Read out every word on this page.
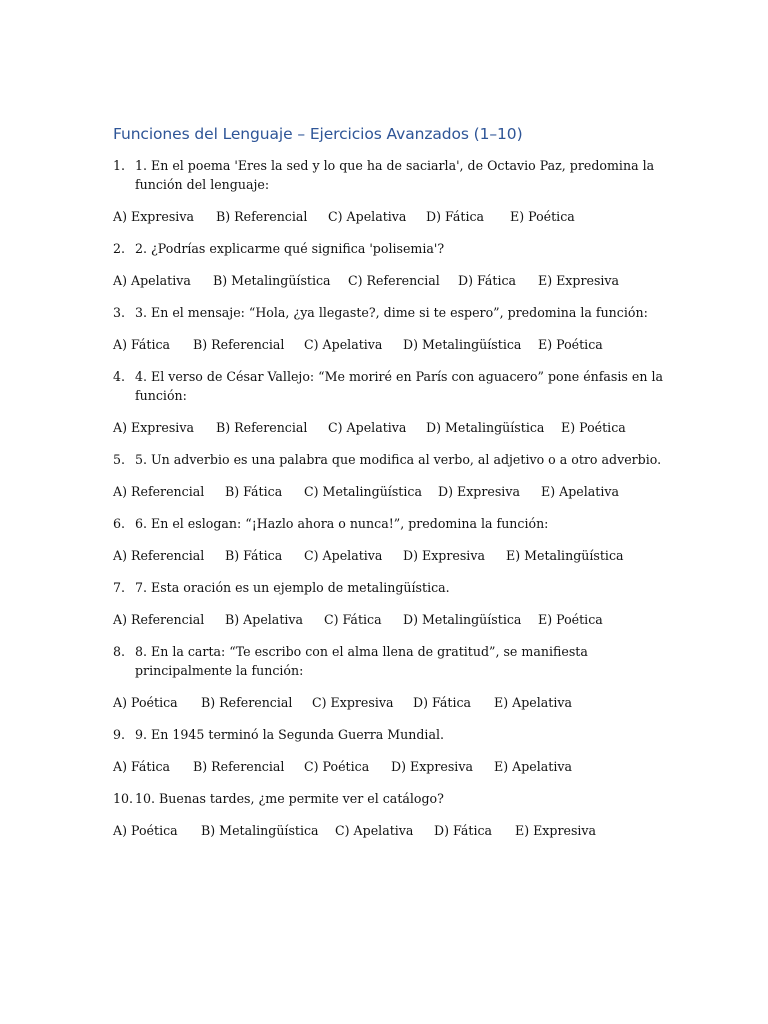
Funciones del Lenguaje – Ejercicios Avanzados (1–10)
1. 1. En el poema 'Eres la sed y lo que ha de saciarla', de Octavio Paz, predomina la función del lenguaje:
A) Expresiva B) Referencial C) Apelativa D) Fática E) Poética
2. 2. ¿Podrías explicarme qué significa 'polisemia'?
A) Apelativa B) Metalingüística C) Referencial D) Fática E) Expresiva
3. 3. En el mensaje: “Hola, ¿ya llegaste?, dime si te espero”, predomina la función:
A) Fática B) Referencial C) Apelativa D) Metalingüística E) Poética
4. 4. El verso de César Vallejo: “Me moriré en París con aguacero” pone énfasis en la función:
A) Expresiva B) Referencial C) Apelativa D) Metalingüística E) Poética
5. 5. Un adverbio es una palabra que modifica al verbo, al adjetivo o a otro adverbio.
A) Referencial B) Fática C) Metalingüística D) Expresiva E) Apelativa
6. 6. En el eslogan: “¡Hazlo ahora o nunca!”, predomina la función:
A) Referencial B) Fática C) Apelativa D) Expresiva E) Metalingüística
7. 7. Esta oración es un ejemplo de metalingüística.
A) Referencial B) Apelativa C) Fática D) Metalingüística E) Poética
8. 8. En la carta: “Te escribo con el alma llena de gratitud”, se manifiesta principalmente la función:
A) Poética B) Referencial C) Expresiva D) Fática E) Apelativa
9. 9. En 1945 terminó la Segunda Guerra Mundial.
A) Fática B) Referencial C) Poética D) Expresiva E) Apelativa
10. 10. Buenas tardes, ¿me permite ver el catálogo?
A) Poética B) Metalingüística C) Apelativa D) Fática E) Expresiva
